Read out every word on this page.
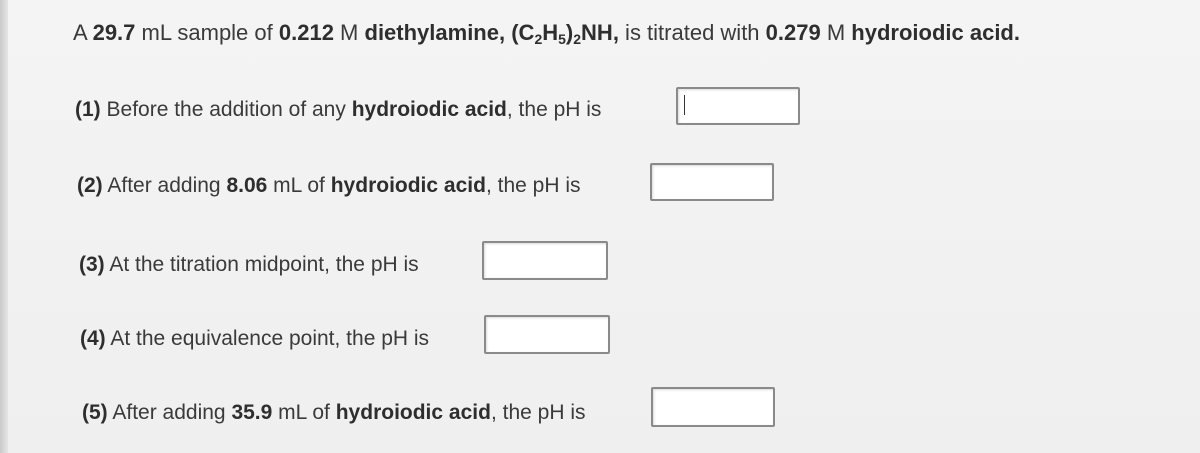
A 29.7 mL sample of 0.212 M diethylamine, $(C_2H_5)_2NH$, is titrated with 0.279 M hydroiodic acid.
(1) Before the addition of any hydroiodic acid, the pH is
(2) After adding 8.06 mL of hydroiodic acid, the pH is
(3) At the titration midpoint, the pH is
(4) At the equivalence point, the pH is
(5) After adding 35.9 mL of hydroiodic acid, the pH is
